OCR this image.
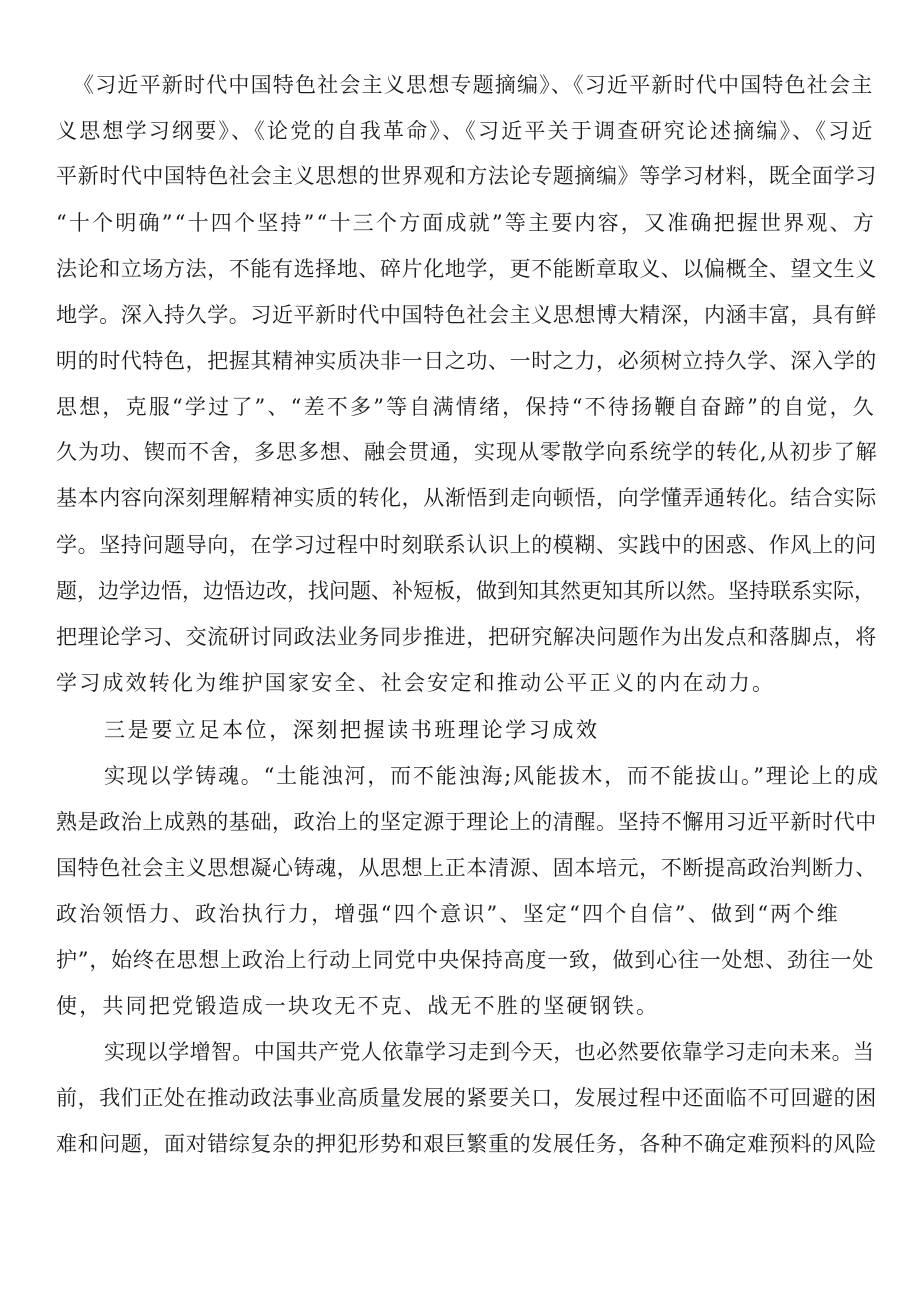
《习近平新时代中国特色社会主义思想专题摘编》、《习近平新时代中国特色社会主
义思想学习纲要》、《论党的自我革命》、《习近平关于调查研究论述摘编》、《习近
平新时代中国特色社会主义思想的世界观和方法论专题摘编》等学习材料，既全面学习
“十个明确”“十四个坚持”“十三个方面成就”等主要内容，又准确把握世界观、方
法论和立场方法，不能有选择地、碎片化地学，更不能断章取义、以偏概全、望文生义
地学。深入持久学。习近平新时代中国特色社会主义思想博大精深，内涵丰富，具有鲜
明的时代特色，把握其精神实质决非一日之功、一时之力，必须树立持久学、深入学的
思想，克服“学过了”、“差不多”等自满情绪，保持“不待扬鞭自奋蹄”的自觉，久
久为功、锲而不舍，多思多想、融会贯通，实现从零散学向系统学的转化,从初步了解
基本内容向深刻理解精神实质的转化，从渐悟到走向顿悟，向学懂弄通转化。结合实际
学。坚持问题导向，在学习过程中时刻联系认识上的模糊、实践中的困惑、作风上的问
题，边学边悟，边悟边改，找问题、补短板，做到知其然更知其所以然。坚持联系实际，
把理论学习、交流研讨同政法业务同步推进，把研究解决问题作为出发点和落脚点，将
学习成效转化为维护国家安全、社会安定和推动公平正义的内在动力。
三是要立足本位，深刻把握读书班理论学习成效
实现以学铸魂。“土能浊河，而不能浊海;风能拔木，而不能拔山。”理论上的成
熟是政治上成熟的基础，政治上的坚定源于理论上的清醒。坚持不懈用习近平新时代中
国特色社会主义思想凝心铸魂，从思想上正本清源、固本培元，不断提高政治判断力、
政治领悟力、政治执行力，增强“四个意识”、坚定“四个自信”、做到“两个维
护”，始终在思想上政治上行动上同党中央保持高度一致，做到心往一处想、劲往一处
使，共同把党锻造成一块攻无不克、战无不胜的坚硬钢铁。
实现以学增智。中国共产党人依靠学习走到今天，也必然要依靠学习走向未来。当
前，我们正处在推动政法事业高质量发展的紧要关口，发展过程中还面临不可回避的困
难和问题，面对错综复杂的押犯形势和艰巨繁重的发展任务，各种不确定难预料的风险
